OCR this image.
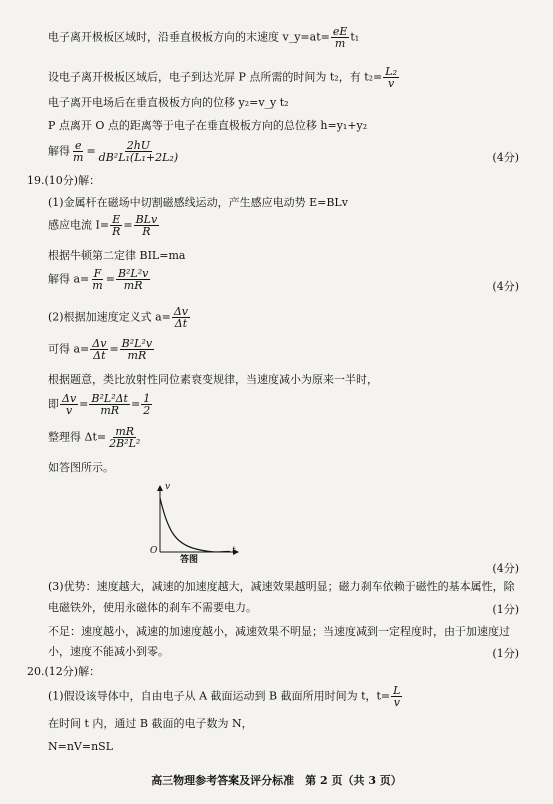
电子离开极板区域时，沿垂直极板方向的末速度 v_y=at= $\frac{eE}{m} t_1$
设电子离开极板区域后，电子到达光屏 P 点所需的时间为 t₂，有 $t_2= \frac{\text{L₂}}{v}$
电子离开电场后在垂直极板方向的位移 y₂=v_y t₂
P 点离开 O 点的距离等于电子在垂直极板方向的总位移 h=y₁+y₂
解得 $\frac{e}{m} = \frac{2hU}{\text{dB²L₁(L₁+2L₂)}}$	(4分)
19.(10分)解：
(1)金属杆在磁场中切割磁感线运动，产生感应电动势 E=BLv
感应电流 $I= \frac{E}{R} = \frac{\text{BLv}}{R}$
根据牛顿第二定律 BIL=ma
解得 $a= \frac{F}{m} = \frac{\text{B²L²v}}{mR}$	(4分)
(2)根据加速度定义式 $a= \frac{\Delta v}{\Delta t}$
可得 $a= \frac{\Delta v}{\Delta t} = \frac{\text{B²L²v}}{mR}$
根据题意，类比放射性同位素衰变规律，当速度减小为原来一半时，
即 $\frac{\Delta v}{v} = \frac{\text{B²L²Δt}}{mR} = \frac{1}{2}$
整理得 $\Delta t= \frac{mR}{\text{2B²L²}}$
如答图所示。
v
O	t
答图
(4分)
(3)优势：速度越大，减速的加速度越大，减速效果越明显；磁力刹车依赖于磁性的基本属性，除
电磁铁外，使用永磁体的刹车不需要电力。	(1分)
不足：速度越小，减速的加速度越小，减速效果不明显；当速度减到一定程度时，由于加速度过
小，速度不能减小到零。	(1分)
20.(12分)解：
(1)假设该导体中，自由电子从 A 截面运动到 B 截面所用时间为 t，$t= \frac{L}{v}$
在时间 t 内，通过 B 截面的电子数为 N，
N=nV=nSL
高三物理参考答案及评分标准　第 2 页（共 3 页）
